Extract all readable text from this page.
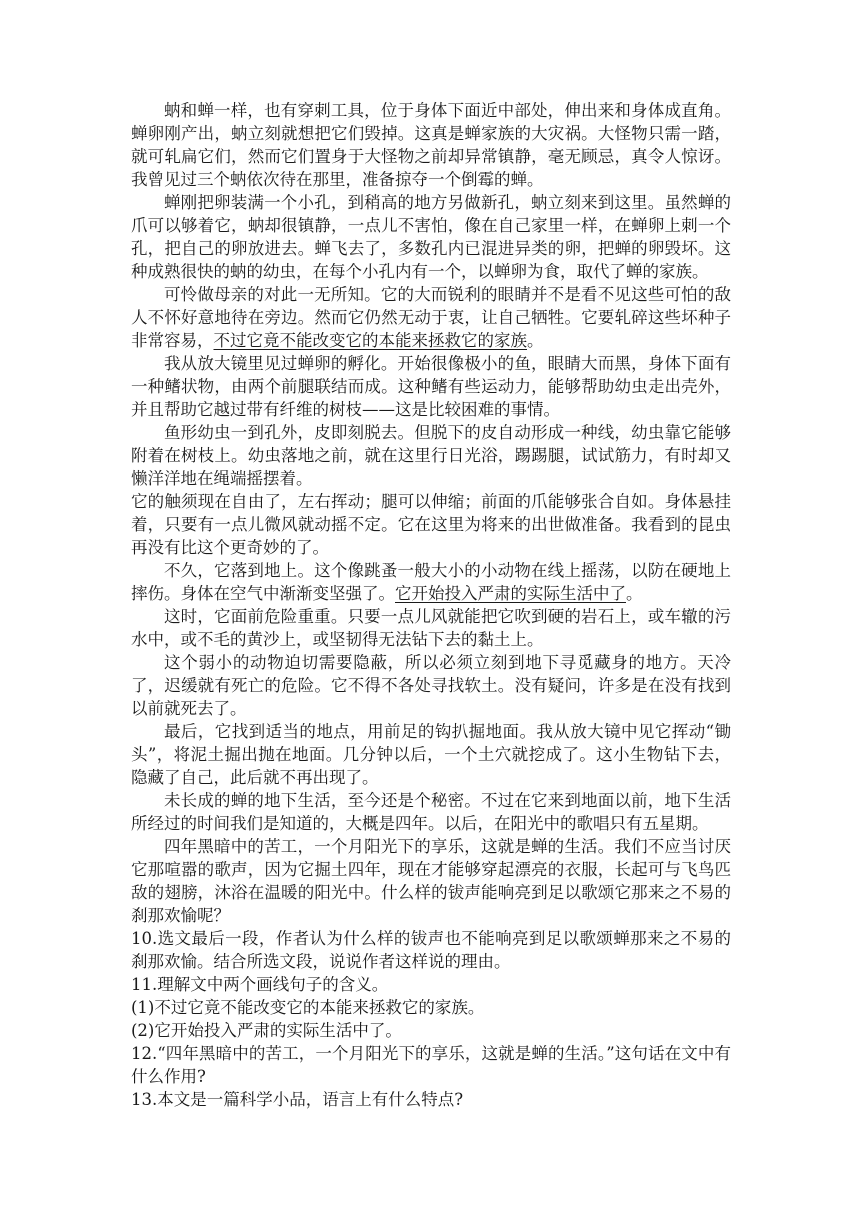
蚋和蝉一样，也有穿刺工具，位于身体下面近中部处，伸出来和身体成直角。蝉卵刚产出，蚋立刻就想把它们毁掉。这真是蝉家族的大灾祸。大怪物只需一踏，就可轧扁它们，然而它们置身于大怪物之前却异常镇静，毫无顾忌，真令人惊讶。我曾见过三个蚋依次待在那里，准备掠夺一个倒霉的蝉。

蝉刚把卵装满一个小孔，到稍高的地方另做新孔，蚋立刻来到这里。虽然蝉的爪可以够着它，蚋却很镇静，一点儿不害怕，像在自己家里一样，在蝉卵上刺一个孔，把自己的卵放进去。蝉飞去了，多数孔内已混进异类的卵，把蝉的卵毁坏。这种成熟很快的蚋的幼虫，在每个小孔内有一个，以蝉卵为食，取代了蝉的家族。

可怜做母亲的对此一无所知。它的大而锐利的眼睛并不是看不见这些可怕的敌人不怀好意地待在旁边。然而它仍然无动于衷，让自己牺牲。它要轧碎这些坏种子非常容易，不过它竟不能改变它的本能来拯救它的家族。

我从放大镜里见过蝉卵的孵化。开始很像极小的鱼，眼睛大而黑，身体下面有一种鳍状物，由两个前腿联结而成。这种鳍有些运动力，能够帮助幼虫走出壳外，并且帮助它越过带有纤维的树枝——这是比较困难的事情。

鱼形幼虫一到孔外，皮即刻脱去。但脱下的皮自动形成一种线，幼虫靠它能够附着在树枝上。幼虫落地之前，就在这里行日光浴，踢踢腿，试试筋力，有时却又懒洋洋地在绳端摇摆着。

它的触须现在自由了，左右挥动；腿可以伸缩；前面的爪能够张合自如。身体悬挂着，只要有一点儿微风就动摇不定。它在这里为将来的出世做准备。我看到的昆虫再没有比这个更奇妙的了。

不久，它落到地上。这个像跳蚤一般大小的小动物在线上摇荡，以防在硬地上摔伤。身体在空气中渐渐变坚强了。它开始投入严肃的实际生活中了。

这时，它面前危险重重。只要一点儿风就能把它吹到硬的岩石上，或车辙的污水中，或不毛的黄沙上，或坚韧得无法钻下去的黏土上。

这个弱小的动物迫切需要隐蔽，所以必须立刻到地下寻觅藏身的地方。天冷了，迟缓就有死亡的危险。它不得不各处寻找软土。没有疑问，许多是在没有找到以前就死去了。

最后，它找到适当的地点，用前足的钩扒掘地面。我从放大镜中见它挥动“锄头”，将泥土掘出抛在地面。几分钟以后，一个土穴就挖成了。这小生物钻下去，隐藏了自己，此后就不再出现了。

未长成的蝉的地下生活，至今还是个秘密。不过在它来到地面以前，地下生活所经过的时间我们是知道的，大概是四年。以后，在阳光中的歌唱只有五星期。

四年黑暗中的苦工，一个月阳光下的享乐，这就是蝉的生活。我们不应当讨厌它那喧嚣的歌声，因为它掘土四年，现在才能够穿起漂亮的衣服，长起可与飞鸟匹敌的翅膀，沐浴在温暖的阳光中。什么样的钹声能响亮到足以歌颂它那来之不易的刹那欢愉呢？

10.选文最后一段，作者认为什么样的钹声也不能响亮到足以歌颂蝉那来之不易的刹那欢愉。结合所选文段，说说作者这样说的理由。

11.理解文中两个画线句子的含义。

(1)不过它竟不能改变它的本能来拯救它的家族。

(2)它开始投入严肃的实际生活中了。

12.“四年黑暗中的苦工，一个月阳光下的享乐，这就是蝉的生活。”这句话在文中有什么作用?

13.本文是一篇科学小品，语言上有什么特点?
